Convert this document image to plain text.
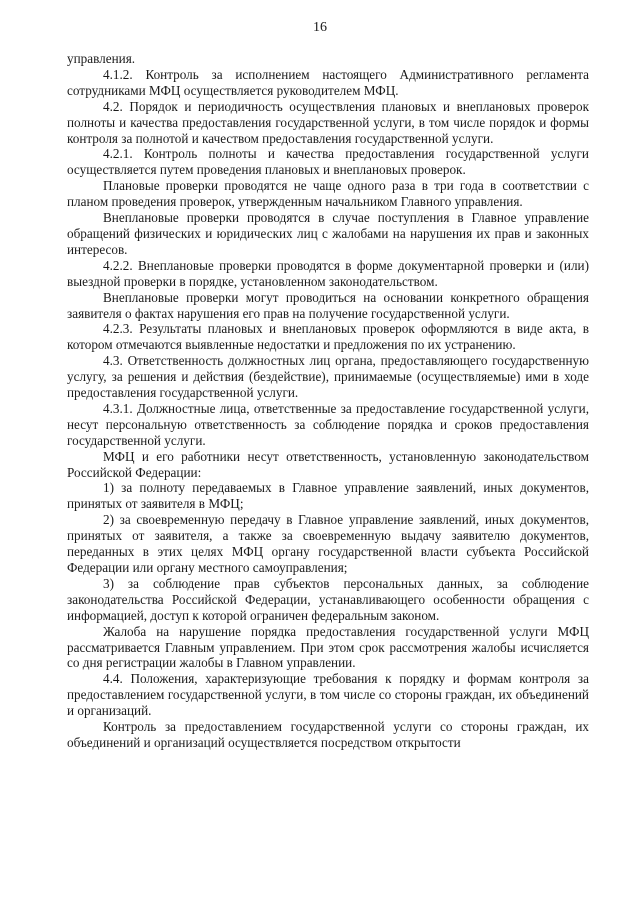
16

управления.

4.1.2. Контроль за исполнением настоящего Административного регламента сотрудниками МФЦ осуществляется руководителем МФЦ.

4.2. Порядок и периодичность осуществления плановых и внеплановых проверок полноты и качества предоставления государственной услуги, в том числе порядок и формы контроля за полнотой и качеством предоставления государственной услуги.

4.2.1. Контроль полноты и качества предоставления государственной услуги осуществляется путем проведения плановых и внеплановых проверок.

Плановые проверки проводятся не чаще одного раза в три года в соответствии с планом проведения проверок, утвержденным начальником Главного управления.

Внеплановые проверки проводятся в случае поступления в Главное управление обращений физических и юридических лиц с жалобами на нарушения их прав и законных интересов.

4.2.2. Внеплановые проверки проводятся в форме документарной проверки и (или) выездной проверки в порядке, установленном законодательством.

Внеплановые проверки могут проводиться на основании конкретного обращения заявителя о фактах нарушения его прав на получение государственной услуги.

4.2.3. Результаты плановых и внеплановых проверок оформляются в виде акта, в котором отмечаются выявленные недостатки и предложения по их устранению.

4.3. Ответственность должностных лиц органа, предоставляющего государственную услугу, за решения и действия (бездействие), принимаемые (осуществляемые) ими в ходе предоставления государственной услуги.

4.3.1. Должностные лица, ответственные за предоставление государственной услуги, несут персональную ответственность за соблюдение порядка и сроков предоставления государственной услуги.

МФЦ и его работники несут ответственность, установленную законодательством Российской Федерации:

1) за полноту передаваемых в Главное управление заявлений, иных документов, принятых от заявителя в МФЦ;

2) за своевременную передачу в Главное управление заявлений, иных документов, принятых от заявителя, а также за своевременную выдачу заявителю документов, переданных в этих целях МФЦ органу государственной власти субъекта Российской Федерации или органу местного самоуправления;

3) за соблюдение прав субъектов персональных данных, за соблюдение законодательства Российской Федерации, устанавливающего особенности обращения с информацией, доступ к которой ограничен федеральным законом.

Жалоба на нарушение порядка предоставления государственной услуги МФЦ рассматривается Главным управлением. При этом срок рассмотрения жалобы исчисляется со дня регистрации жалобы в Главном управлении.

4.4. Положения, характеризующие требования к порядку и формам контроля за предоставлением государственной услуги, в том числе со стороны граждан, их объединений и организаций.

Контроль за предоставлением государственной услуги со стороны граждан, их объединений и организаций осуществляется посредством открытости
